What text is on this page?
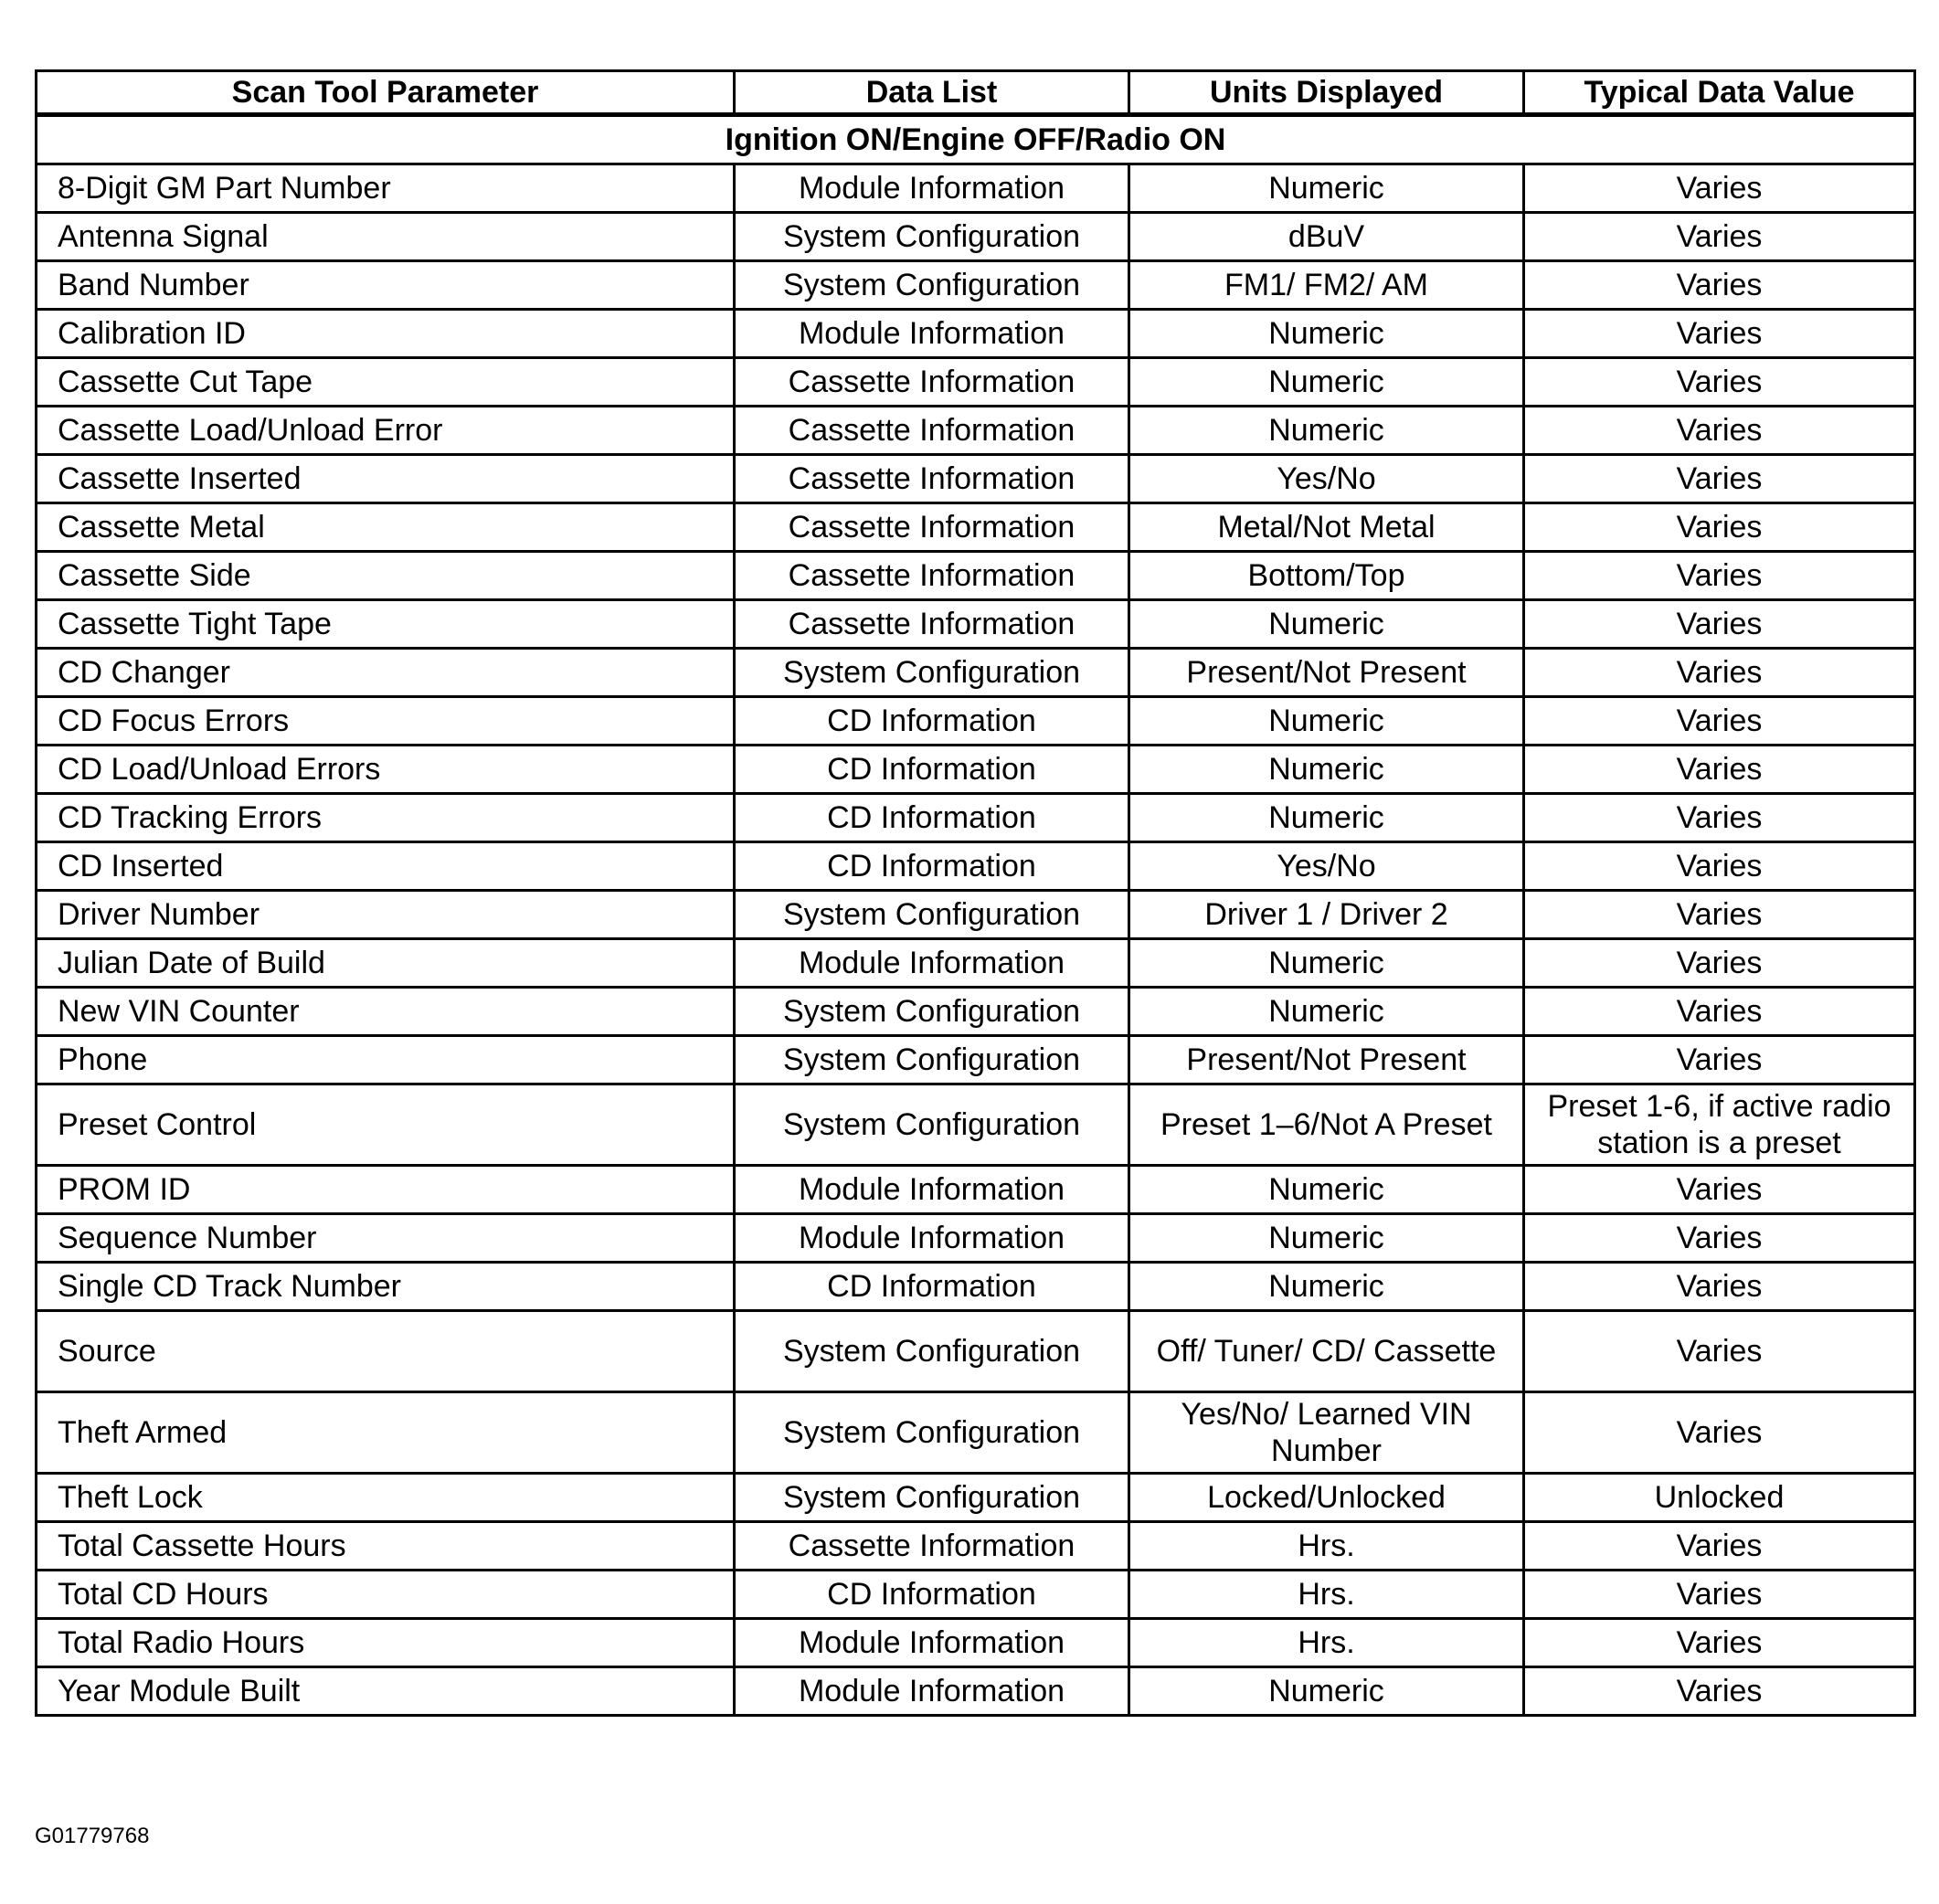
Scan Tool Parameter	Data List	Units Displayed	Typical Data Value
Ignition ON/Engine OFF/Radio ON			
8-Digit GM Part Number	Module Information	Numeric	Varies
Antenna Signal	System Configuration	dBuV	Varies
Band Number	System Configuration	FM1/ FM2/ AM	Varies
Calibration ID	Module Information	Numeric	Varies
Cassette Cut Tape	Cassette Information	Numeric	Varies
Cassette Load/Unload Error	Cassette Information	Numeric	Varies
Cassette Inserted	Cassette Information	Yes/No	Varies
Cassette Metal	Cassette Information	Metal/Not Metal	Varies
Cassette Side	Cassette Information	Bottom/Top	Varies
Cassette Tight Tape	Cassette Information	Numeric	Varies
CD Changer	System Configuration	Present/Not Present	Varies
CD Focus Errors	CD Information	Numeric	Varies
CD Load/Unload Errors	CD Information	Numeric	Varies
CD Tracking Errors	CD Information	Numeric	Varies
CD Inserted	CD Information	Yes/No	Varies
Driver Number	System Configuration	Driver 1 / Driver 2	Varies
Julian Date of Build	Module Information	Numeric	Varies
New VIN Counter	System Configuration	Numeric	Varies
Phone	System Configuration	Present/Not Present	Varies
Preset Control	System Configuration	Preset 1–6/Not A Preset	Preset 1-6, if active radio station is a preset
PROM ID	Module Information	Numeric	Varies
Sequence Number	Module Information	Numeric	Varies
Single CD Track Number	CD Information	Numeric	Varies
Source	System Configuration	Off/ Tuner/ CD/ Cassette	Varies
Theft Armed	System Configuration	Yes/No/ Learned VIN Number	Varies
Theft Lock	System Configuration	Locked/Unlocked	Unlocked
Total Cassette Hours	Cassette Information	Hrs.	Varies
Total CD Hours	CD Information	Hrs.	Varies
Total Radio Hours	Module Information	Hrs.	Varies
Year Module Built	Module Information	Numeric	Varies
G01779768
